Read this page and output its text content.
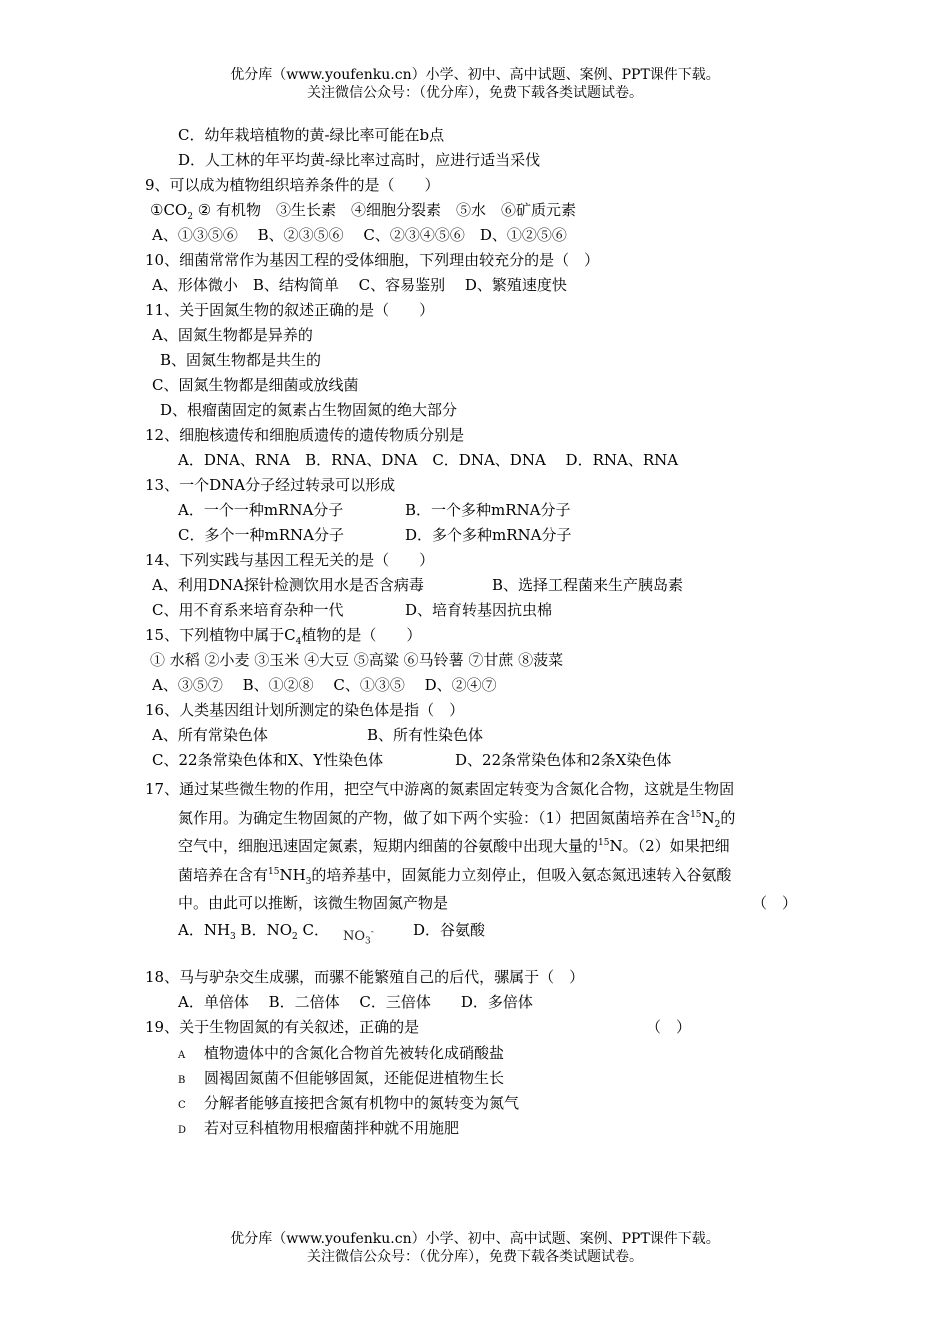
优分库（www.youfenku.cn）小学、初中、高中试题、案例、PPT课件下载。
关注微信公众号：（优分库），免费下载各类试题试卷。
C．幼年栽培植物的黄-绿比率可能在b点
D．人工林的年平均黄-绿比率过高时，应进行适当采伐
9、可以成为植物组织培养条件的是（　　）
$①CO_2$ ② 有机物　③生长素　④细胞分裂素　⑤水　⑥矿质元素
A、①③⑤⑥　 B、②③⑤⑥　 C、②③④⑤⑥　D、①②⑤⑥
10、细菌常常作为基因工程的受体细胞，下列理由较充分的是（　）
A、形体微小　B、结构简单　 C、容易鉴别　 D、繁殖速度快
11、关于固氮生物的叙述正确的是（　　）
A、固氮生物都是异养的
B、固氮生物都是共生的
C、固氮生物都是细菌或放线菌
D、根瘤菌固定的氮素占生物固氮的绝大部分
12、细胞核遗传和细胞质遗传的遗传物质分别是
A．DNA、RNA　B．RNA、DNA　C．DNA、DNA　 D．RNA、RNA
13、一个DNA分子经过转录可以形成
A．一个一种mRNA分子	B．一个多种mRNA分子
C．多个一种mRNA分子	D．多个多种mRNA分子
14、下列实践与基因工程无关的是（　　）
A、利用DNA探针检测饮用水是否含病毒	B、选择工程菌来生产胰岛素
C、用不育系来培育杂种一代	D、培育转基因抗虫棉
15、下列植物中属于$C_4$植物的是（　　）
① 水稻 ②小麦 ③玉米 ④大豆 ⑤高粱 ⑥马铃薯 ⑦甘蔗 ⑧菠菜
A、③⑤⑦　 B、①②⑧　 C、①③⑤　 D、②④⑦
16、人类基因组计划所测定的染色体是指（　）
A、所有常染色体	B、所有性染色体
C、22条常染色体和X、Y性染色体	D、22条常染色体和2条X染色体
17、通过某些微生物的作用，把空气中游离的氮素固定转变为含氮化合物，这就是生物固
氮作用。为确定生物固氮的产物，做了如下两个实验：（1）把固氮菌培养在含$^{15}N_2$的
空气中，细胞迅速固定氮素，短期内细菌的谷氨酸中出现大量的$^{15}$N。（2）如果把细
菌培养在含有$^{15}NH_3$的培养基中，固氮能力立刻停止，但吸入氨态氮迅速转入谷氨酸
中。由此可以推断，该微生物固氮产物是	（　）
A．$NH_3$ B．$NO_2$ C． $NO_3^-$	D．谷氨酸
18、马与驴杂交生成骡，而骡不能繁殖自己的后代，骡属于（　）
A．单倍体　 B．二倍体　 C．三倍体　　D．多倍体
19、关于生物固氮的有关叙述，正确的是	（　）
A 植物遗体中的含氮化合物首先被转化成硝酸盐
B 圆褐固氮菌不但能够固氮，还能促进植物生长
C 分解者能够直接把含氮有机物中的氮转变为氮气
D 若对豆科植物用根瘤菌拌种就不用施肥
优分库（www.youfenku.cn）小学、初中、高中试题、案例、PPT课件下载。
关注微信公众号：（优分库），免费下载各类试题试卷。
